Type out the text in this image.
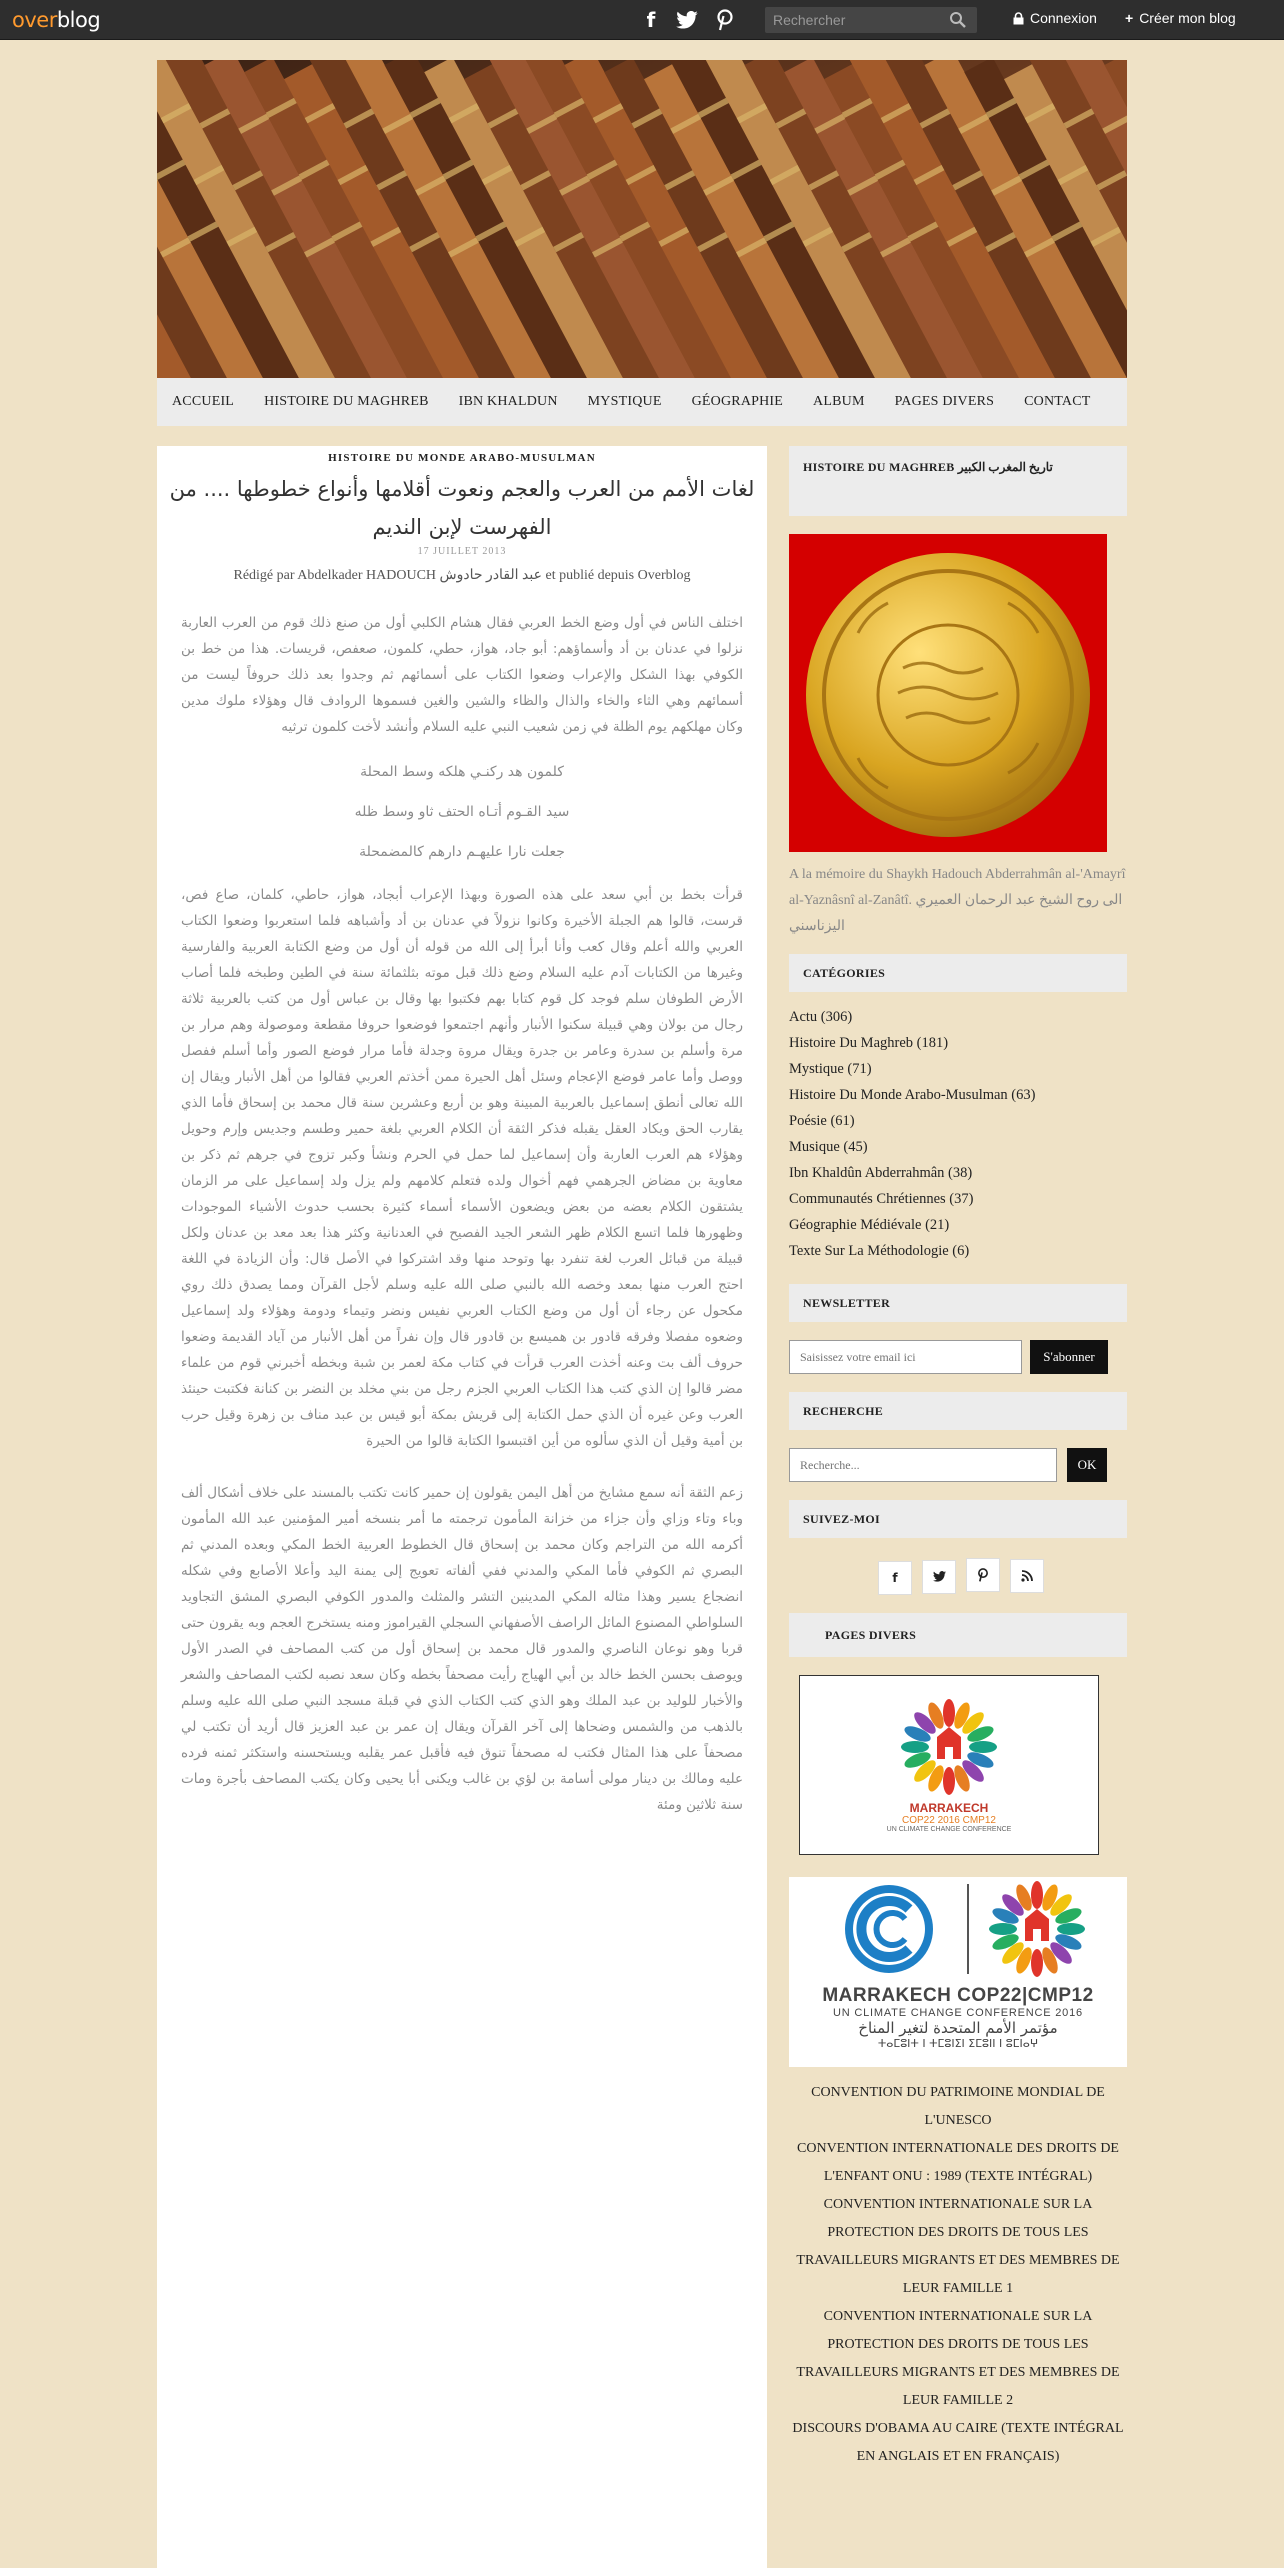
overblog	f
Rechercher	Connexion + Créer mon blog
ACCUEIL HISTOIRE DU MAGHREB IBN KHALDUN MYSTIQUE GÉOGRAPHIE ALBUM PAGES DIVERS CONTACT
HISTOIRE DU MONDE ARABO-MUSULMAN
لغات الأمم من العرب والعجم ونعوت أقلامها وأنواع خطوطها .... من الفهرست لإبن النديم
17 JUILLET 2013
Rédigé par Abdelkader HADOUCH عبد القادر حادوش et publié depuis Overblog

اختلف الناس في أول وضع الخط العربي فقال هشام الكلبي أول من صنع ذلك قوم من العرب العاربة نزلوا في عدنان بن أد وأسماؤهم: أبو جاد، هواز، حطي، كلمون، صعفص، قريسات. هذا من خط بن الكوفي بهذا الشكل والإعراب وضعوا الكتاب على أسمائهم ثم وجدوا بعد ذلك حروفاً ليست من أسمائهم وهي الثاء والخاء والذال والظاء والشين والغين فسموها الروادف قال وهؤلاء ملوك مدين وكان مهلكهم يوم الظلة في زمن شعيب النبي عليه السلام وأنشد لأخت كلمون ترثيه

كلمون هد ركنـي هلكه وسط المحلة
سيد القـوم أتـاه الحتف ثاو وسط ظله
جعلت نارا عليهـم دارهم كالمضمحلة

قرأت بخط بن أبي سعد على هذه الصورة وبهذا الإعراب أبجاد، هواز، حاطي، كلمان، صاع فص، قرست، قالوا هم الجبلة الأخيرة وكانوا نزولاً في عدنان بن أد وأشباهه فلما استعربوا وضعوا الكتاب العربي والله أعلم وقال كعب وأنا أبرأ إلى الله من قوله أن أول من وضع الكتابة العربية والفارسية وغيرها من الكتابات آدم عليه السلام وضع ذلك قبل موته بثلثمائة سنة في الطين وطبخه فلما أصاب الأرض الطوفان سلم فوجد كل قوم كتابا بهم فكتبوا بها وقال بن عباس أول من كتب بالعربية ثلاثة رجال من بولان وهي قبيلة سكنوا الأنبار وأنهم اجتمعوا فوضعوا حروفا مقطعة وموصولة وهم مرار بن مرة وأسلم بن سدرة وعامر بن جدرة ويقال مروة وجدلة فأما مرار فوضع الصور وأما أسلم ففصل ووصل وأما عامر فوضع الإعجام وسئل أهل الحيرة ممن أخذتم العربي فقالوا من أهل الأنبار ويقال إن الله تعالى أنطق إسماعيل بالعربية المبينة وهو بن أربع وعشرين سنة قال محمد بن إسحاق فأما الذي يقارب الحق ويكاد العقل يقبله فذكر الثقة أن الكلام العربي بلغة حمير وطسم وجديس وإرم وحويل وهؤلاء هم العرب العاربة وأن إسماعيل لما حمل في الحرم ونشأ وكبر تزوج في جرهم ثم ذكر بن معاوية بن مضاض الجرهمي فهم أخوال ولده فتعلم كلامهم ولم يزل ولد إسماعيل على مر الزمان يشتقون الكلام بعضه من بعض ويضعون الأسماء أسماء كثيرة بحسب حدوث الأشياء الموجودات وظهورها فلما اتسع الكلام ظهر الشعر الجيد الفصيح في العدنانية وكثر هذا بعد معد بن عدنان ولكل قبيلة من قبائل العرب لغة تنفرد بها وتوحد منها وقد اشتركوا في الأصل قال: وأن الزيادة في اللغة احتج العرب منها بمعد وخصه الله بالنبي صلى الله عليه وسلم لأجل القرآن ومما يصدق ذلك روي مكحول عن رجاء أن أول من وضع الكتاب العربي نفيس ونضر وتيماء ودومة وهؤلاء ولد إسماعيل وضعوه مفصلا وفرقه قادور بن هميسع بن قادور قال وإن نفراً من أهل الأنبار من آياد القديمة وضعوا حروف ألف بت وعنه أخذت العرب قرأت في كتاب مكة لعمر بن شبة وبخطه أخبرني قوم من علماء مضر قالوا إن الذي كتب هذا الكتاب العربي الجزم رجل من بني مخلد بن النضر بن كنانة فكتبت حينئذ العرب وعن غيره أن الذي حمل الكتابة إلى قريش بمكة أبو قيس بن عبد مناف بن زهرة وقيل حرب بن أمية وقيل أن الذي سألوه من أين اقتبسوا الكتابة قالوا من الحيرة

زعم الثقة أنه سمع مشايخ من أهل اليمن يقولون إن حمير كانت تكتب بالمسند على خلاف أشكال ألف وباء وتاء وزاي وأن جزاء من خزانة المأمون ترجمته ما أمر بنسخه أمير المؤمنين عبد الله المأمون أكرمه الله من التراجم وكان محمد بن إسحاق قال الخطوط العربية الخط المكي وبعده المدني ثم البصري ثم الكوفي فأما المكي والمدني ففي ألفاته تعويج إلى يمنة اليد وأعلا الأصابع وفي شكله انضجاع يسير وهذا مثاله المكي المدينين التشر والمثلث والمدور الكوفي البصري المشق التجاويد السلواطي المصنوع المائل الراصف الأصفهاني السجلي القيراموز ومنه يستخرج العجم وبه يقرون حتى قربا وهو نوعان الناصري والمدور قال محمد بن إسحاق أول من كتب المصاحف في الصدر الأول ويوصف بحسن الخط خالد بن أبي الهياج رأيت مصحفاً بخطه وكان سعد نصبه لكتب المصاحف والشعر والأخبار للوليد بن عبد الملك وهو الذي كتب الكتاب الذي في قبلة مسجد النبي صلى الله عليه وسلم بالذهب من والشمس وضحاها إلى آخر القرآن ويقال إن عمر بن عبد العزيز قال أريد أن تكتب لي مصحفاً على هذا المثال فكتب له مصحفاً تنوق فيه فأقبل عمر يقلبه ويستحسنه واستكثر ثمنه فرده عليه ومالك بن دينار مولى أسامة بن لؤي بن غالب ويكنى أبا يحيى وكان يكتب المصاحف بأجرة ومات سنة ثلاثين ومئة

HISTOIRE DU MAGHREB تاريخ المغرب الكبير
A la mémoire du Shaykh Hadouch Abderrahmân al-'Amayrî al-Yaznâsnî al-Zanâtî. الى روح الشيخ عبد الرحمان العميري اليزناسني
CATÉGORIES
Actu (306)
Histoire Du Maghreb (181)
Mystique (71)
Histoire Du Monde Arabo-Musulman (63)
Poésie (61)
Musique (45)
Ibn Khaldûn Abderrahmân (38)
Communautés Chrétiennes (37)
Géographie Médiévale (21)
Texte Sur La Méthodologie (6)
NEWSLETTER
Saisissez votre email ici
S'abonner
RECHERCHE
Recherche...
OK
SUIVEZ-MOI
f

PAGES DIVERS
MARRAKECH
COP22 2016 CMP12
UN CLIMATE CHANGE CONFERENCE
MARRAKECH COP22|CMP12
UN CLIMATE CHANGE CONFERENCE 2016
مؤتمر الأمم المتحدة لتغير المناخ
ⵜⴰⵎⵓⵏⵜ ⵏ ⵜⵎⵓⵏⵉⵏ ⵉⵎⵓⵏⵏ ⵏ ⵓⵎⵏⴰⵖ
CONVENTION DU PATRIMOINE MONDIAL DE L'UNESCO
CONVENTION INTERNATIONALE DES DROITS DE L'ENFANT ONU : 1989 (TEXTE INTÉGRAL)
CONVENTION INTERNATIONALE SUR LA PROTECTION DES DROITS DE TOUS LES TRAVAILLEURS MIGRANTS ET DES MEMBRES DE LEUR FAMILLE 1
CONVENTION INTERNATIONALE SUR LA PROTECTION DES DROITS DE TOUS LES TRAVAILLEURS MIGRANTS ET DES MEMBRES DE LEUR FAMILLE 2
DISCOURS D'OBAMA AU CAIRE (TEXTE INTÉGRAL EN ANGLAIS ET EN FRANÇAIS)
